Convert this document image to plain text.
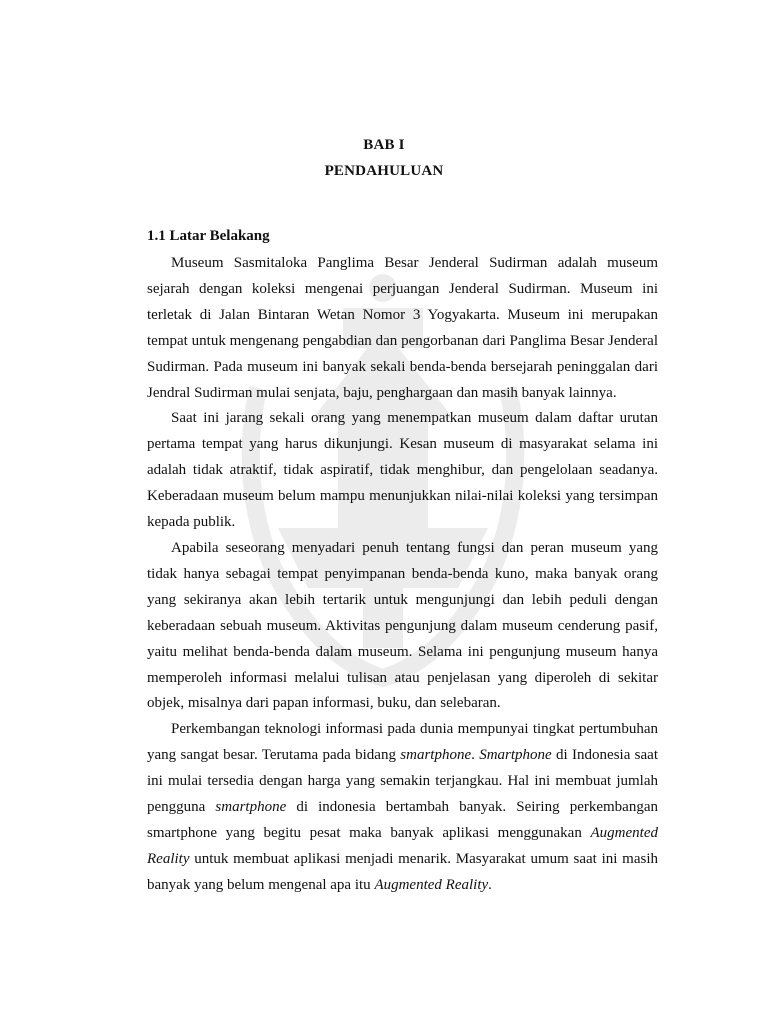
BAB I
PENDAHULUAN
1.1 Latar Belakang

Museum Sasmitaloka Panglima Besar Jenderal Sudirman adalah museum sejarah dengan koleksi mengenai perjuangan Jenderal Sudirman. Museum ini terletak di Jalan Bintaran Wetan Nomor 3 Yogyakarta. Museum ini merupakan tempat untuk mengenang pengabdian dan pengorbanan dari Panglima Besar Jenderal Sudirman. Pada museum ini banyak sekali benda-benda bersejarah peninggalan dari Jendral Sudirman mulai senjata, baju, penghargaan dan masih banyak lainnya.

Saat ini jarang sekali orang yang menempatkan museum dalam daftar urutan pertama tempat yang harus dikunjungi. Kesan museum di masyarakat selama ini adalah tidak atraktif, tidak aspiratif, tidak menghibur, dan pengelolaan seadanya. Keberadaan museum belum mampu menunjukkan nilai-nilai koleksi yang tersimpan kepada publik.

Apabila seseorang menyadari penuh tentang fungsi dan peran museum yang tidak hanya sebagai tempat penyimpanan benda-benda kuno, maka banyak orang yang sekiranya akan lebih tertarik untuk mengunjungi dan lebih peduli dengan keberadaan sebuah museum. Aktivitas pengunjung dalam museum cenderung pasif, yaitu melihat benda-benda dalam museum. Selama ini pengunjung museum hanya memperoleh informasi melalui tulisan atau penjelasan yang diperoleh di sekitar objek, misalnya dari papan informasi, buku, dan selebaran.

Perkembangan teknologi informasi pada dunia mempunyai tingkat pertumbuhan yang sangat besar. Terutama pada bidang smartphone. Smartphone di Indonesia saat ini mulai tersedia dengan harga yang semakin terjangkau. Hal ini membuat jumlah pengguna smartphone di indonesia bertambah banyak. Seiring perkembangan smartphone yang begitu pesat maka banyak aplikasi menggunakan Augmented Reality untuk membuat aplikasi menjadi menarik. Masyarakat umum saat ini masih banyak yang belum mengenal apa itu Augmented Reality.
